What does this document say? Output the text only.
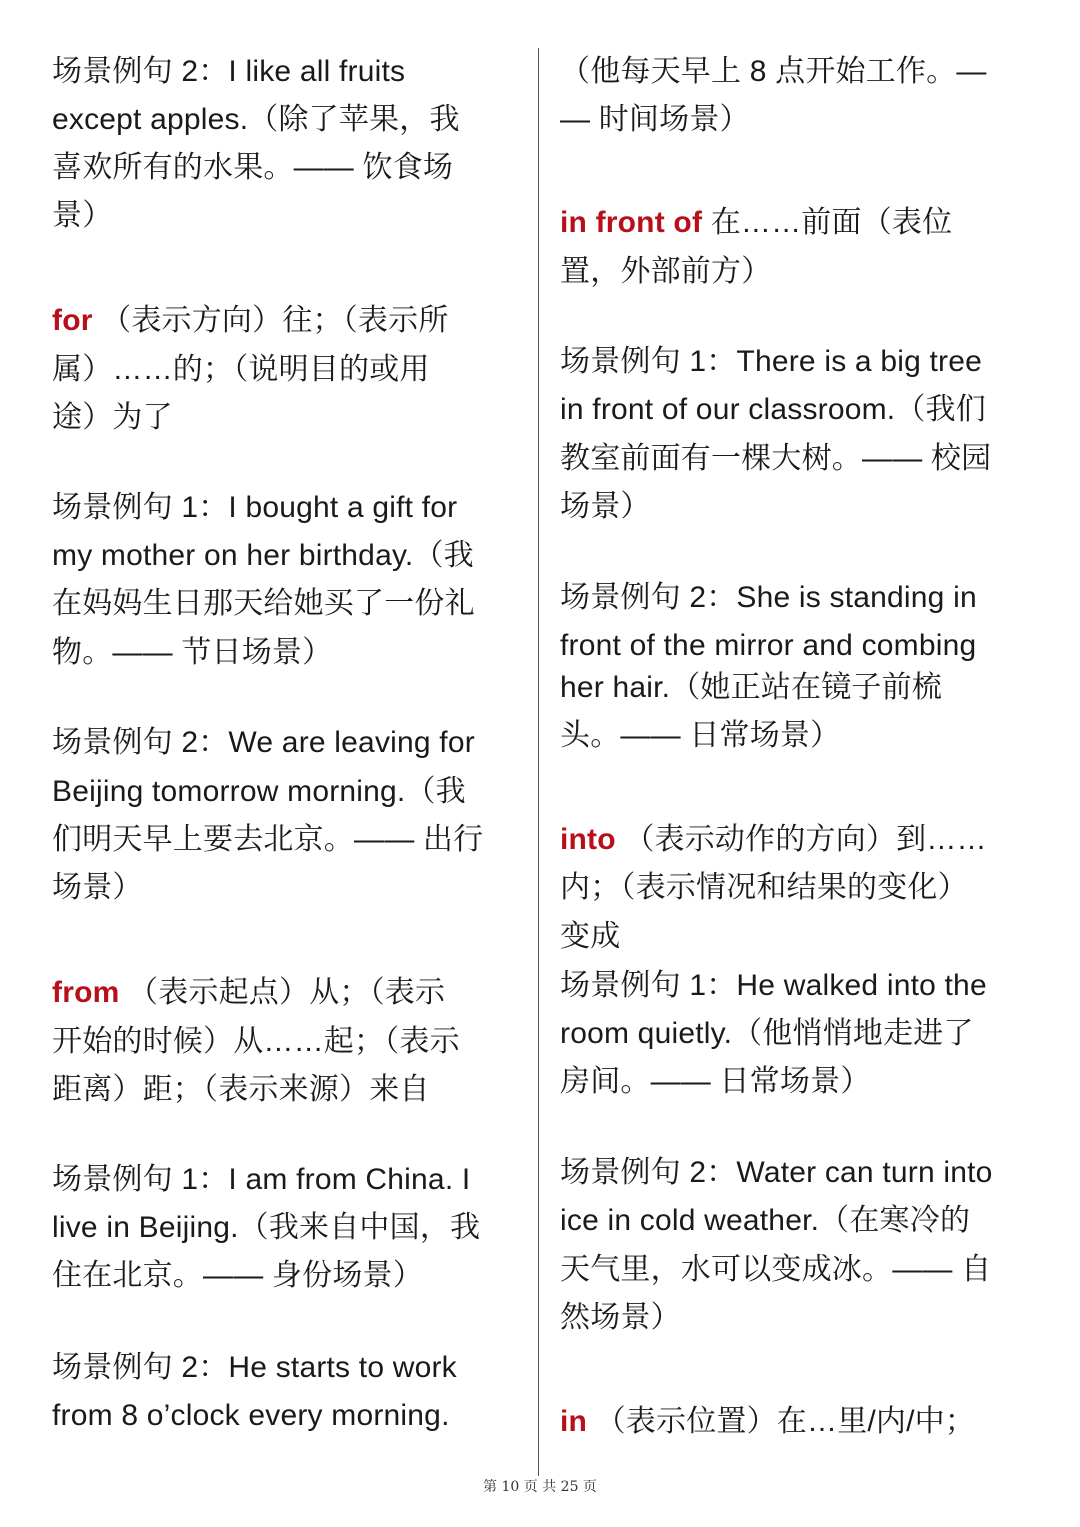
场景例句 2：I like all fruits
except apples.（除了苹果，我
喜欢所有的水果。—— 饮食场
景）
for （表示方向）往；（表示所
属）……的；（说明目的或用
途）为了
场景例句 1：I bought a gift for
my mother on her birthday.（我
在妈妈生日那天给她买了一份礼
物。—— 节日场景）
场景例句 2：We are leaving for
Beijing tomorrow morning.（我
们明天早上要去北京。—— 出行
场景）
from （表示起点）从；（表示
开始的时候）从……起；（表示
距离）距；（表示来源）来自
场景例句 1：I am from China. I
live in Beijing.（我来自中国，我
住在北京。—— 身份场景）
场景例句 2：He starts to work
from 8 o’clock every morning.
（他每天早上 8 点开始工作。—
— 时间场景）
in front of 在……前面（表位
置，外部前方）
场景例句 1：There is a big tree
in front of our classroom.（我们
教室前面有一棵大树。—— 校园
场景）
场景例句 2：She is standing in
front of the mirror and combing
her hair.（她正站在镜子前梳
头。—— 日常场景）
into （表示动作的方向）到……
内；（表示情况和结果的变化）
变成
场景例句 1：He walked into the
room quietly.（他悄悄地走进了
房间。—— 日常场景）
场景例句 2：Water can turn into
ice in cold weather.（在寒冷的
天气里，水可以变成冰。—— 自
然场景）
in （表示位置）在…里/内/中；
第 10 页 共 25 页
